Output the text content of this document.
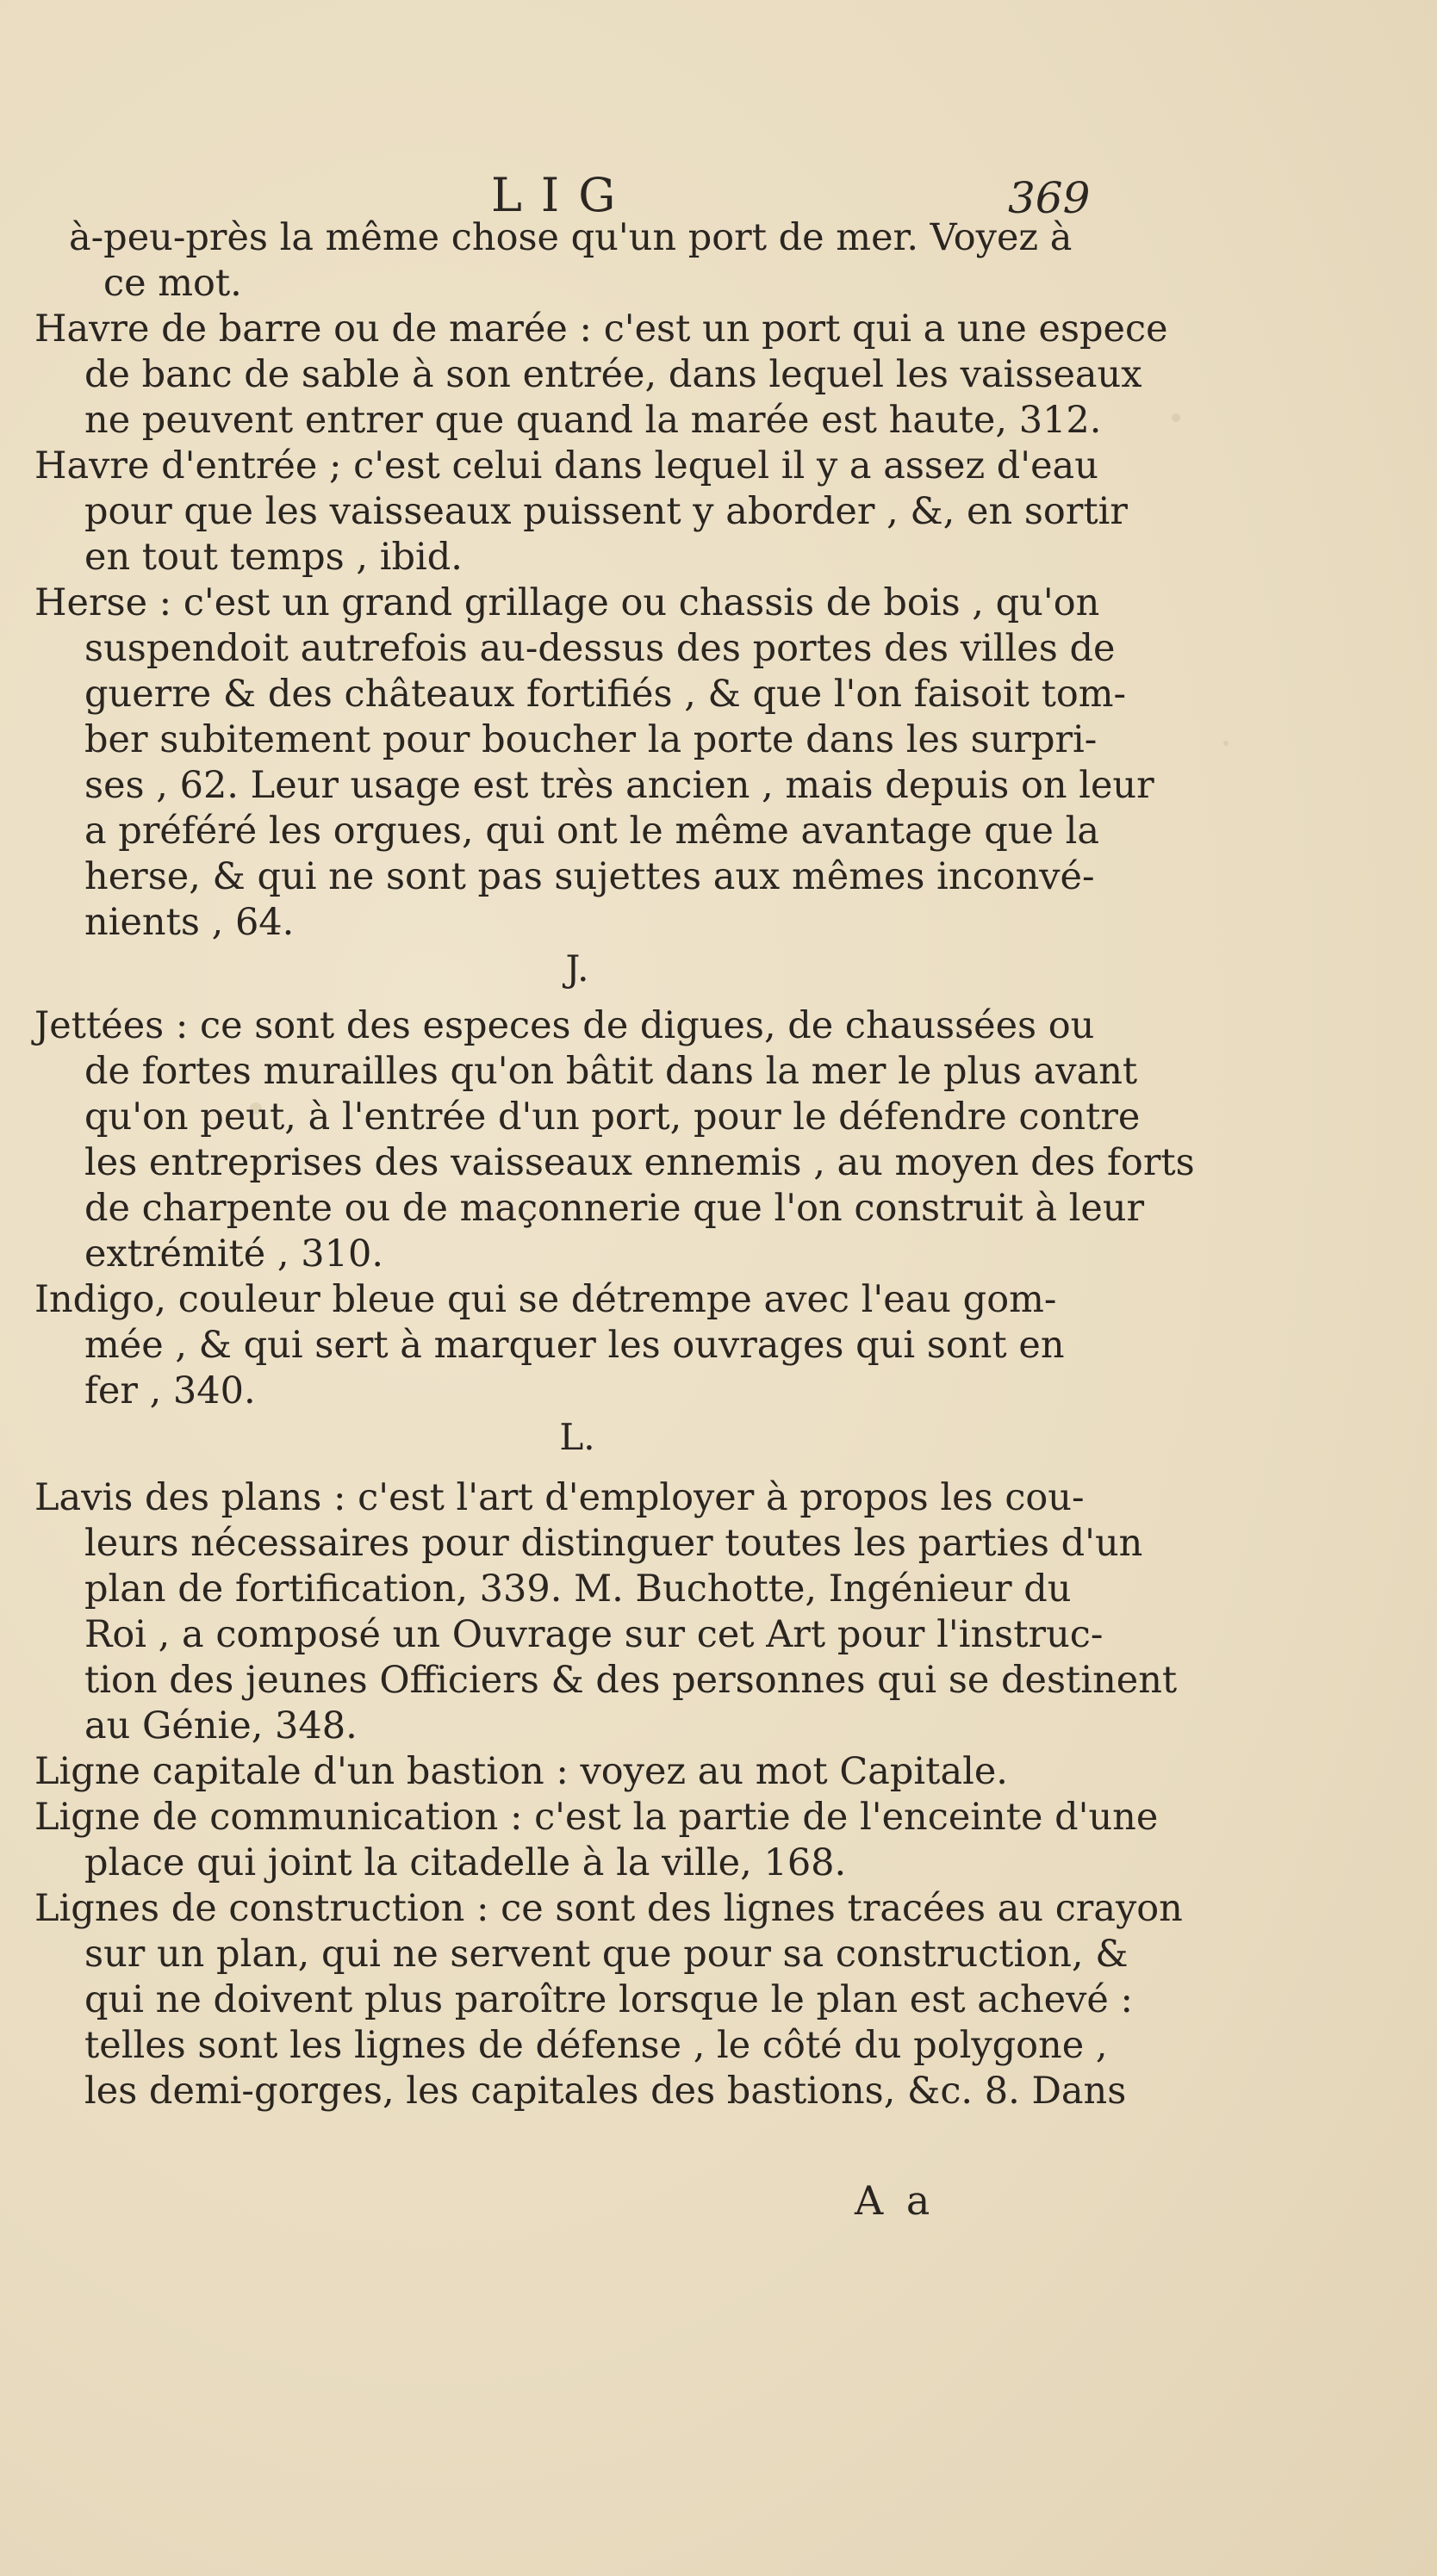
LIG	369

à-peu-près la même chose qu'un port de mer. Voyez à
ce mot.

Havre de barre ou de marée : c'est un port qui a une espece
de banc de sable à son entrée, dans lequel les vaisseaux
ne peuvent entrer que quand la marée est haute, 312.

Havre d'entrée ; c'est celui dans lequel il y a assez d'eau
pour que les vaisseaux puissent y aborder , &, en sortir
en tout temps , ibid.

Herse : c'est un grand grillage ou chassis de bois , qu'on
suspendoit autrefois au-dessus des portes des villes de
guerre & des châteaux fortifiés , & que l'on faisoit tom-
ber subitement pour boucher la porte dans les surpri-
ses , 62. Leur usage est très ancien , mais depuis on leur
a préféré les orgues, qui ont le même avantage que la
herse, & qui ne sont pas sujettes aux mêmes inconvé-
nients , 64.

J.

Jettées : ce sont des especes de digues, de chaussées ou
de fortes murailles qu'on bâtit dans la mer le plus avant
qu'on peut, à l'entrée d'un port, pour le défendre contre
les entreprises des vaisseaux ennemis , au moyen des forts
de charpente ou de maçonnerie que l'on construit à leur
extrémité , 310.

Indigo, couleur bleue qui se détrempe avec l'eau gom-
mée , & qui sert à marquer les ouvrages qui sont en
fer , 340.

L.

Lavis des plans : c'est l'art d'employer à propos les cou-
leurs nécessaires pour distinguer toutes les parties d'un
plan de fortification, 339. M. Buchotte, Ingénieur du
Roi , a composé un Ouvrage sur cet Art pour l'instruc-
tion des jeunes Officiers & des personnes qui se destinent
au Génie, 348.

Ligne capitale d'un bastion : voyez au mot Capitale.

Ligne de communication : c'est la partie de l'enceinte d'une
place qui joint la citadelle à la ville, 168.

Lignes de construction : ce sont des lignes tracées au crayon
sur un plan, qui ne servent que pour sa construction, &
qui ne doivent plus paroître lorsque le plan est achevé :
telles sont les lignes de défense , le côté du polygone ,
les demi-gorges, les capitales des bastions, &c. 8. Dans

A a
